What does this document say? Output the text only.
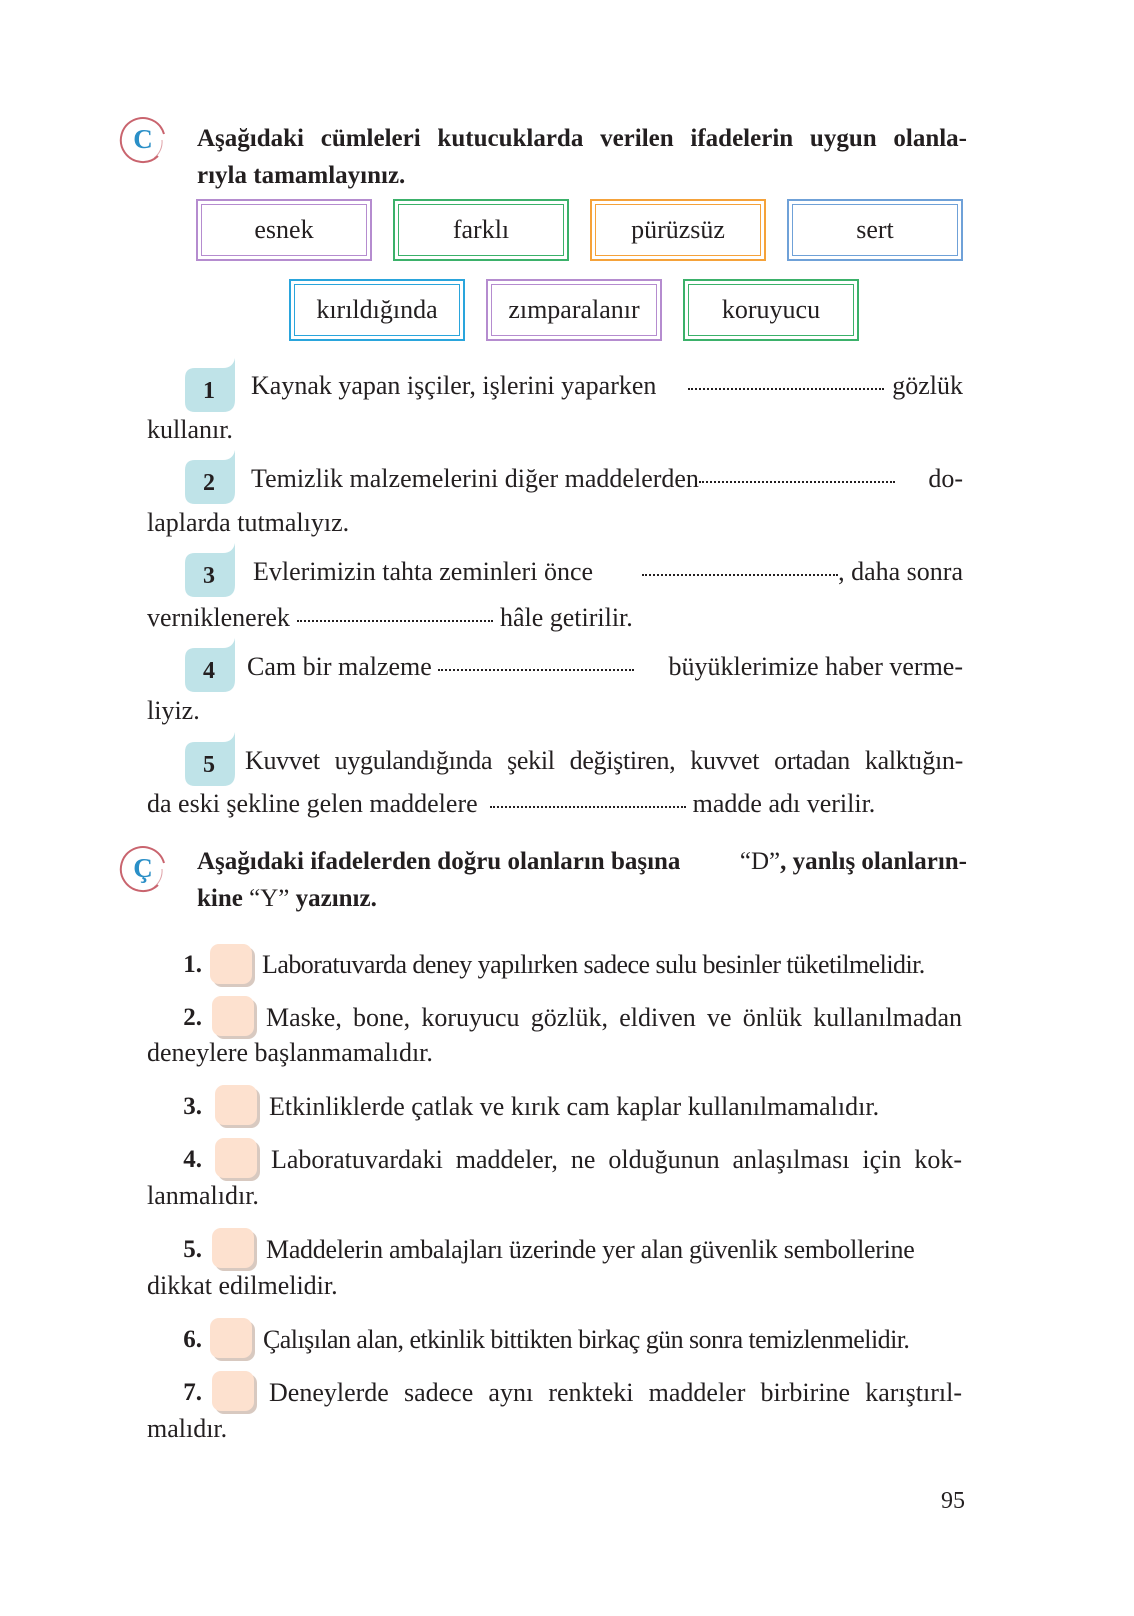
C	Aşağıdaki cümleleri kutucuklarda verilen ifadelerin uygun olanla-
rıyla tamamlayınız.
esnek	farklı	pürüzsüz	sert
kırıldığında	zımparalanır	koruyucu
1	Kaynak yapan işçiler, işlerini yaparken	gözlük
kullanır.
2	Temizlik malzemelerini diğer maddelerden	do-
laplarda tutmalıyız.
3	Evlerimizin tahta zeminleri önce	, daha sonra
verniklenerek	hâle getirilir.
4	Cam bir malzeme	büyüklerimize haber verme-
liyiz.
5	Kuvvet uygulandığında şekil değiştiren, kuvvet ortadan kalktığın-
da eski şekline gelen maddelere	madde adı verilir.
Ç	Aşağıdaki ifadelerden doğru olanların başına “D” , yanlış olanların-
kine “Y” yazınız.
1. Laboratuvarda deney yapılırken sadece sulu besinler tüketilmelidir.
2. Maske, bone, koruyucu gözlük, eldiven ve önlük kullanılmadan
deneylere başlanmamalıdır.
3.	Etkinliklerde çatlak ve kırık cam kaplar kullanılmamalıdır.
4.	Laboratuvardaki maddeler, ne olduğunun anlaşılması için kok-
lanmalıdır.
5. Maddelerin ambalajları üzerinde yer alan güvenlik sembollerine
dikkat edilmelidir.
6. Çalışılan alan, etkinlik bittikten birkaç gün sonra temizlenmelidir.
7.	Deneylerde sadece aynı renkteki maddeler birbirine karıştırıl-
malıdır.
95
